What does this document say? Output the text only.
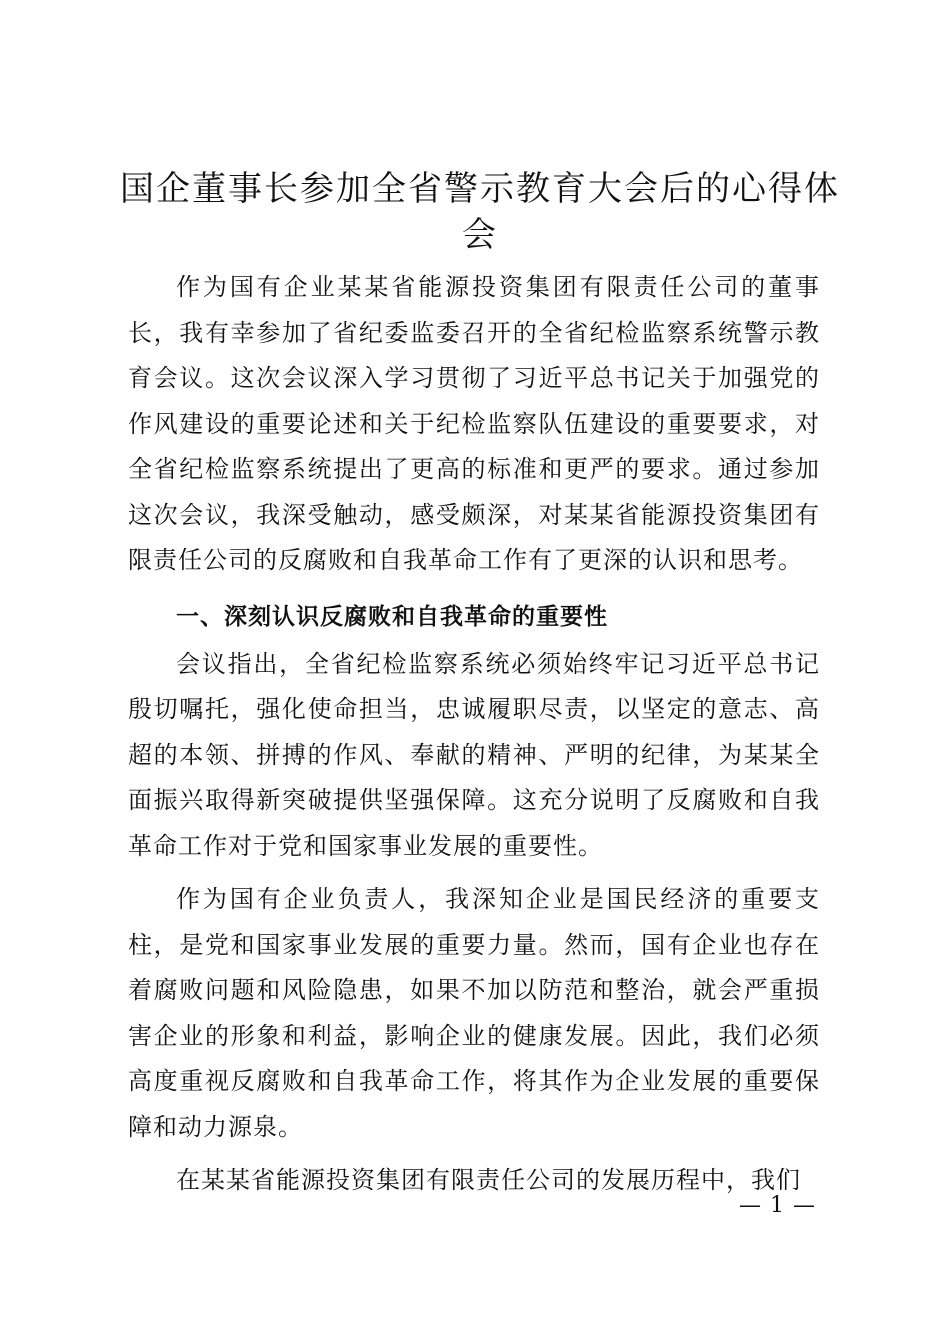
国企董事长参加全省警示教育大会后的心得体会

作为国有企业某某省能源投资集团有限责任公司的董事长，我有幸参加了省纪委监委召开的全省纪检监察系统警示教育会议。这次会议深入学习贯彻了习近平总书记关于加强党的作风建设的重要论述和关于纪检监察队伍建设的重要要求，对全省纪检监察系统提出了更高的标准和更严的要求。通过参加这次会议，我深受触动，感受颇深，对某某省能源投资集团有限责任公司的反腐败和自我革命工作有了更深的认识和思考。

一、深刻认识反腐败和自我革命的重要性

会议指出，全省纪检监察系统必须始终牢记习近平总书记殷切嘱托，强化使命担当，忠诚履职尽责，以坚定的意志、高超的本领、拼搏的作风、奉献的精神、严明的纪律，为某某全面振兴取得新突破提供坚强保障。这充分说明了反腐败和自我革命工作对于党和国家事业发展的重要性。

作为国有企业负责人，我深知企业是国民经济的重要支柱，是党和国家事业发展的重要力量。然而，国有企业也存在着腐败问题和风险隐患，如果不加以防范和整治，就会严重损害企业的形象和利益，影响企业的健康发展。因此，我们必须高度重视反腐败和自我革命工作，将其作为企业发展的重要保障和动力源泉。

在某某省能源投资集团有限责任公司的发展历程中，我们

— 1 —
